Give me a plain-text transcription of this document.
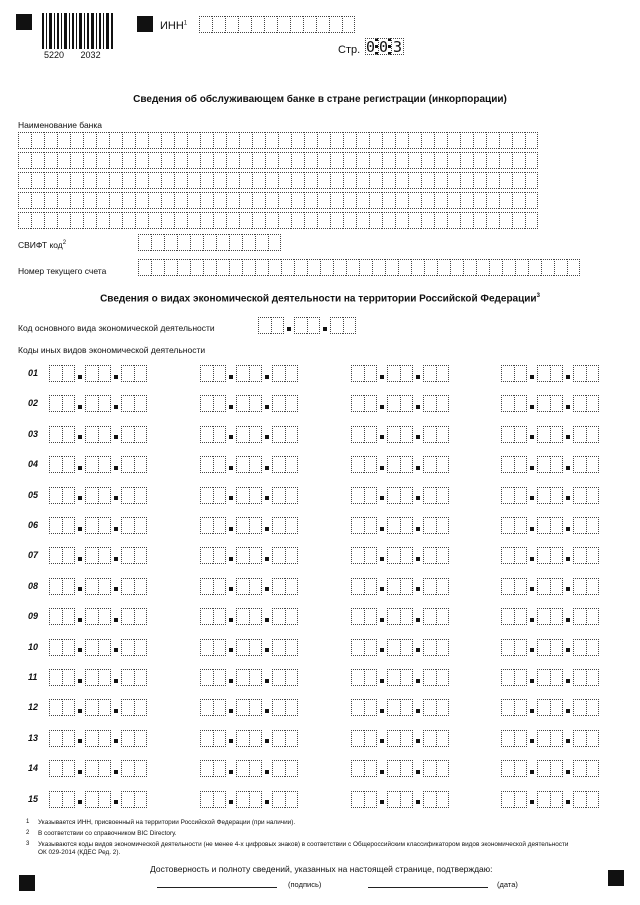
5220 2032
ИНН$^1$
Стр. 0 0 3
Сведения об обслуживающем банке в стране регистрации (инкорпорации)
Наименование банка
СВИФТ код$^2$
Номер текущего счета
Сведения о видах экономической деятельности на территории Российской Федерации$^3$
Код основного вида экономической деятельности
Коды иных видов экономической деятельности
01
02
03
04
05
06
07
08
09
10
11
12
13
14
15
1 Указывается ИНН, присвоенный на территории Российской Федерации (при наличии).
2 В соответствии со справочником BIC Directory.
3 Указываются коды видов экономической деятельности (не менее 4-х цифровых знаков) в соответствии с Общероссийским классификатором видов экономической деятельности ОК 029-2014 (КДЕС Ред. 2).
Достоверность и полноту сведений, указанных на настоящей странице, подтверждаю:
(подпись)	(дата)
